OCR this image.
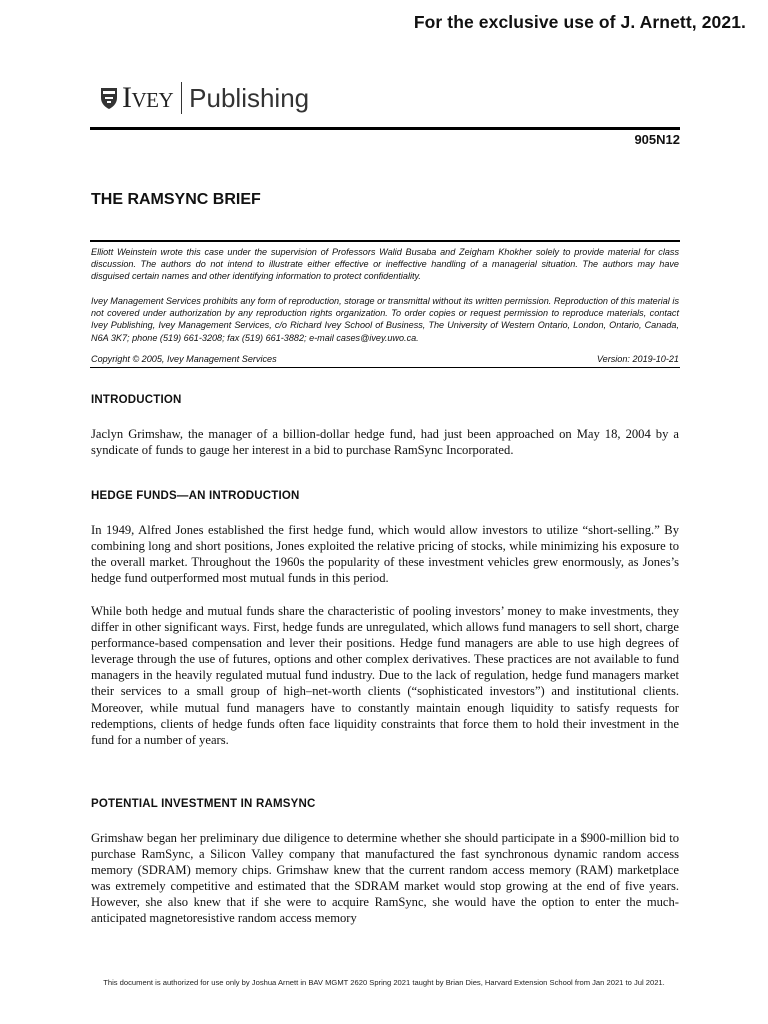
For the exclusive use of J. Arnett, 2021.
Ivey Publishing
905N12
THE RAMSYNC BRIEF
Elliott Weinstein wrote this case under the supervision of Professors Walid Busaba and Zeigham Khokher solely to provide material for class discussion. The authors do not intend to illustrate either effective or ineffective handling of a managerial situation. The authors may have disguised certain names and other identifying information to protect confidentiality.
Ivey Management Services prohibits any form of reproduction, storage or transmittal without its written permission. Reproduction of this material is not covered under authorization by any reproduction rights organization. To order copies or request permission to reproduce materials, contact Ivey Publishing, Ivey Management Services, c/o Richard Ivey School of Business, The University of Western Ontario, London, Ontario, Canada, N6A 3K7; phone (519) 661-3208; fax (519) 661-3882; e-mail cases@ivey.uwo.ca.
Copyright © 2005, Ivey Management Services	Version: 2019-10-21
INTRODUCTION
Jaclyn Grimshaw, the manager of a billion-dollar hedge fund, had just been approached on May 18, 2004 by a syndicate of funds to gauge her interest in a bid to purchase RamSync Incorporated.
HEDGE FUNDS—AN INTRODUCTION
In 1949, Alfred Jones established the first hedge fund, which would allow investors to utilize “short-selling.” By combining long and short positions, Jones exploited the relative pricing of stocks, while minimizing his exposure to the overall market. Throughout the 1960s the popularity of these investment vehicles grew enormously, as Jones’s hedge fund outperformed most mutual funds in this period.
While both hedge and mutual funds share the characteristic of pooling investors’ money to make investments, they differ in other significant ways. First, hedge funds are unregulated, which allows fund managers to sell short, charge performance-based compensation and lever their positions. Hedge fund managers are able to use high degrees of leverage through the use of futures, options and other complex derivatives. These practices are not available to fund managers in the heavily regulated mutual fund industry. Due to the lack of regulation, hedge fund managers market their services to a small group of high–net-worth clients (“sophisticated investors”) and institutional clients. Moreover, while mutual fund managers have to constantly maintain enough liquidity to satisfy requests for redemptions, clients of hedge funds often face liquidity constraints that force them to hold their investment in the fund for a number of years.
POTENTIAL INVESTMENT IN RAMSYNC
Grimshaw began her preliminary due diligence to determine whether she should participate in a $900-million bid to purchase RamSync, a Silicon Valley company that manufactured the fast synchronous dynamic random access memory (SDRAM) memory chips. Grimshaw knew that the current random access memory (RAM) marketplace was extremely competitive and estimated that the SDRAM market would stop growing at the end of five years. However, she also knew that if she were to acquire RamSync, she would have the option to enter the much-anticipated magnetoresistive random access memory
This document is authorized for use only by Joshua Arnett in BAV MGMT 2620 Spring 2021 taught by Brian Dies, Harvard Extension School from Jan 2021 to Jul 2021.
